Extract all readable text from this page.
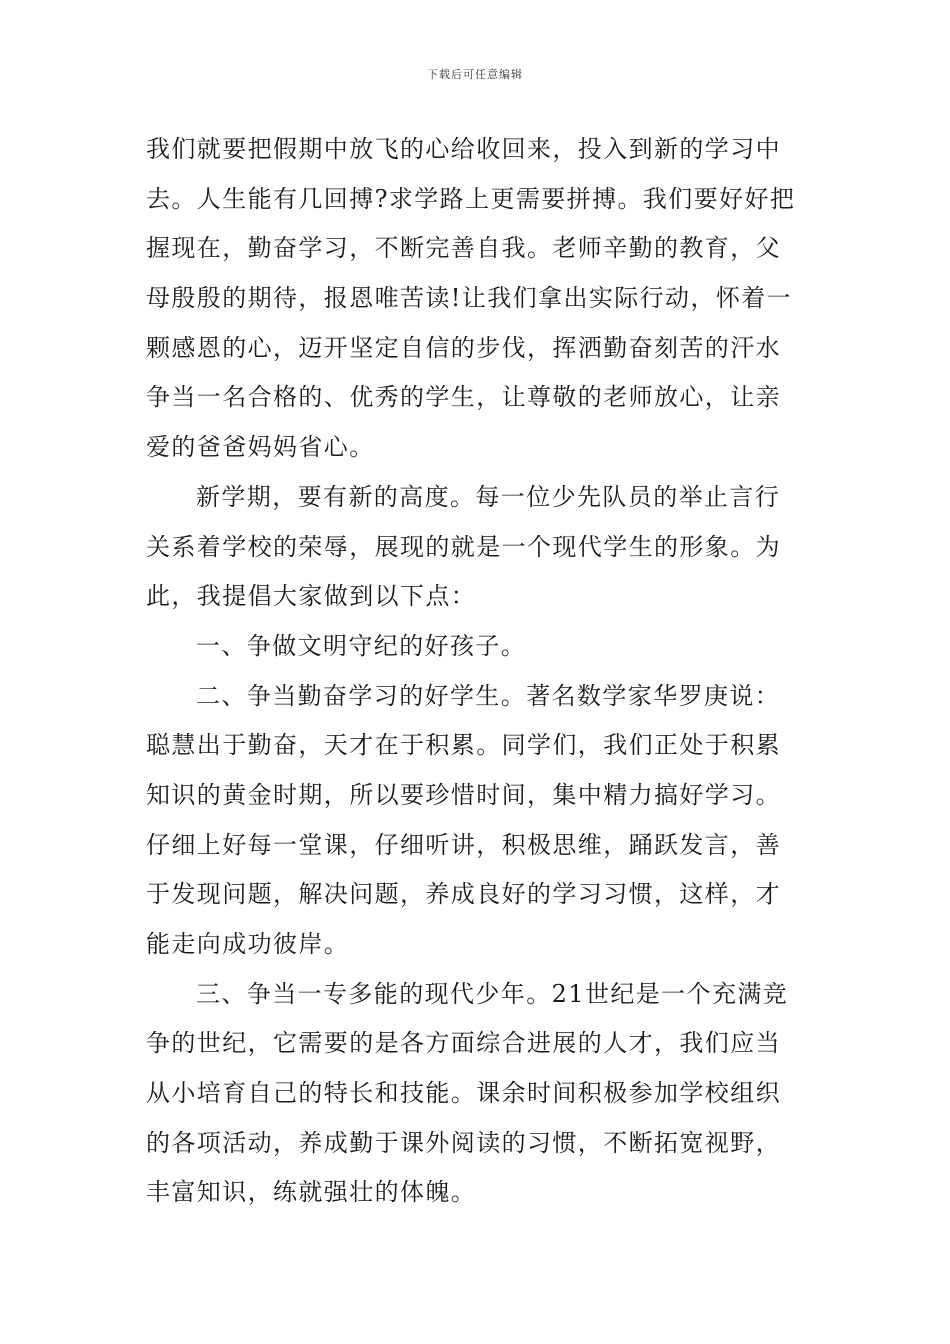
下载后可任意编辑
我们就要把假期中放飞的心给收回来，投入到新的学习中
去。人生能有几回搏?求学路上更需要拼搏。我们要好好把
握现在，勤奋学习，不断完善自我。老师辛勤的教育，父
母殷殷的期待，报恩唯苦读!让我们拿出实际行动，怀着一
颗感恩的心，迈开坚定自信的步伐，挥洒勤奋刻苦的汗水
争当一名合格的、优秀的学生，让尊敬的老师放心，让亲
爱的爸爸妈妈省心。
新学期，要有新的高度。每一位少先队员的举止言行
关系着学校的荣辱，展现的就是一个现代学生的形象。为
此，我提倡大家做到以下点：
一、争做文明守纪的好孩子。
二、争当勤奋学习的好学生。著名数学家华罗庚说：
聪慧出于勤奋，天才在于积累。同学们，我们正处于积累
知识的黄金时期，所以要珍惜时间，集中精力搞好学习。
仔细上好每一堂课，仔细听讲，积极思维，踊跃发言，善
于发现问题，解决问题，养成良好的学习习惯，这样，才
能走向成功彼岸。
三、争当一专多能的现代少年。21世纪是一个充满竞
争的世纪，它需要的是各方面综合进展的人才，我们应当
从小培育自己的特长和技能。课余时间积极参加学校组织
的各项活动，养成勤于课外阅读的习惯，不断拓宽视野，
丰富知识，练就强壮的体魄。
